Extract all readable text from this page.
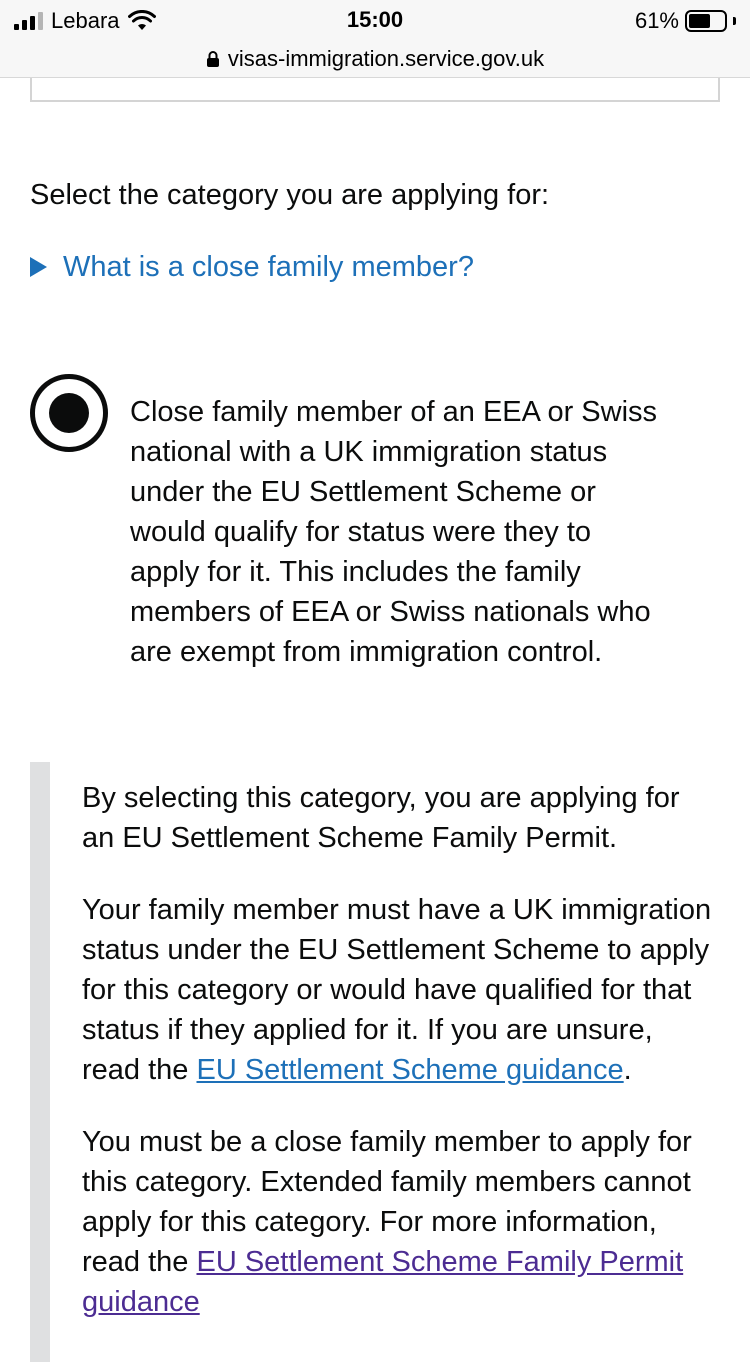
Select the category you are applying for:
What is a close family member?
Close family member of an EEA or Swiss national with a UK immigration status under the EU Settlement Scheme or would qualify for status were they to apply for it. This includes the family members of EEA or Swiss nationals who are exempt from immigration control.

By selecting this category, you are applying for an EU Settlement Scheme Family Permit.

Your family member must have a UK immigration status under the EU Settlement Scheme to apply for this category or would have qualified for that status if they applied for it. If you are unsure, read the EU Settlement Scheme guidance.

You must be a close family member to apply for this category. Extended family members cannot apply for this category. For more information, read the EU Settlement Scheme Family Permit guidance

Lebara	15:00	61%
visas-immigration.service.gov.uk
